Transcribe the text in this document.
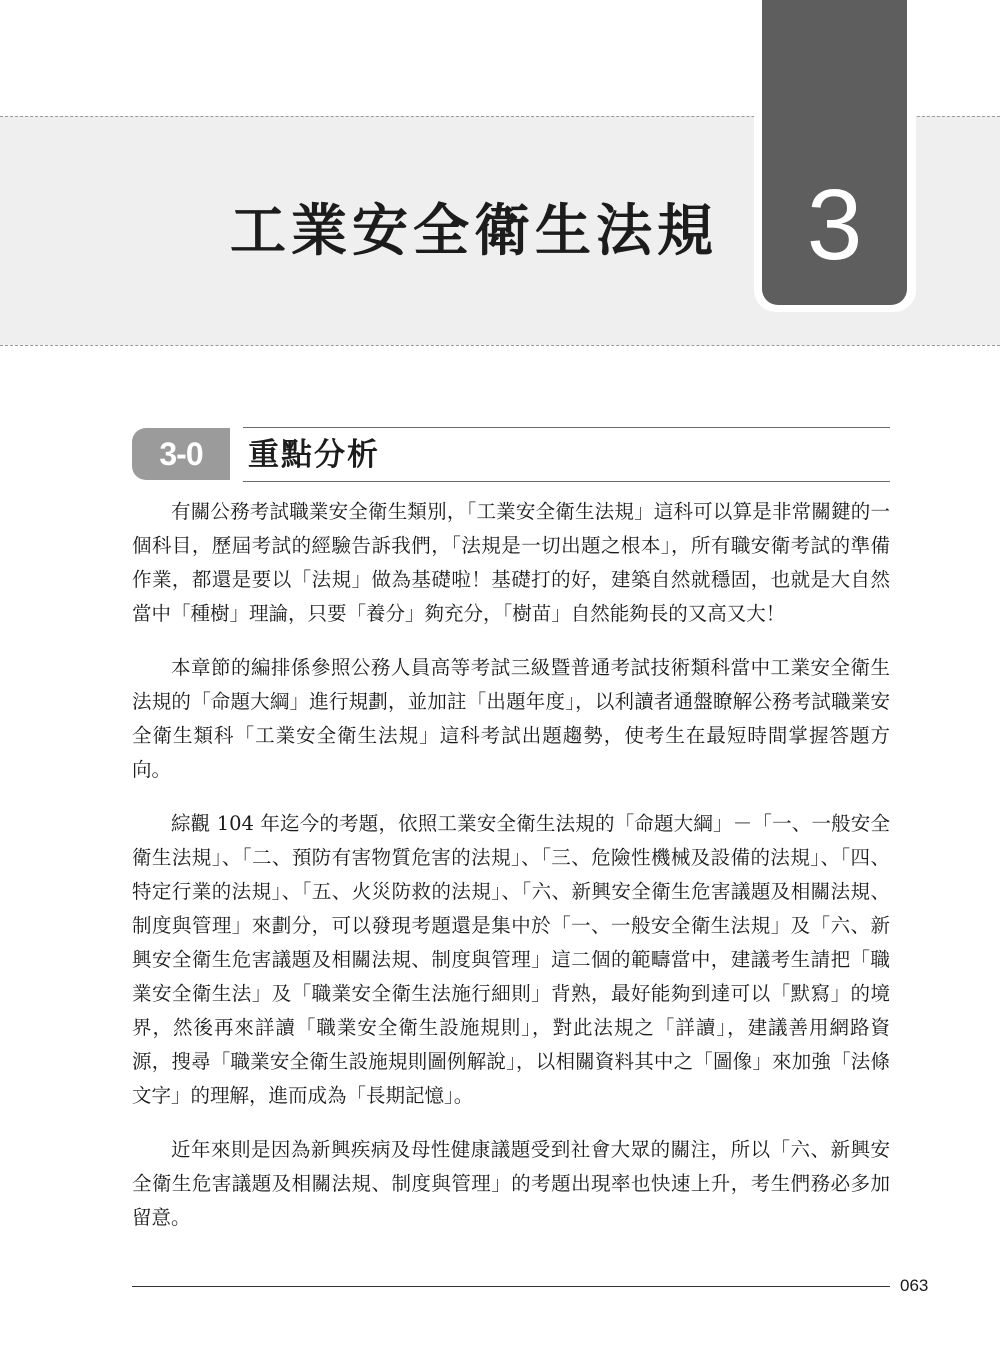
工業安全衛生法規 3
3-0	重點分析

有關公務考試職業安全衛生類別，「工業安全衛生法規」這科可以算是非常關鍵的一個科目，歷屆考試的經驗告訴我們，「法規是一切出題之根本」，所有職安衛考試的準備作業，都還是要以「法規」做為基礎啦！基礎打的好，建築自然就穩固，也就是大自然當中「種樹」理論，只要「養分」夠充分，「樹苗」自然能夠長的又高又大！

本章節的編排係參照公務人員高等考試三級暨普通考試技術類科當中工業安全衛生法規的「命題大綱」進行規劃，並加註「出題年度」，以利讀者通盤瞭解公務考試職業安全衛生類科「工業安全衛生法規」這科考試出題趨勢，使考生在最短時間掌握答題方向。

綜觀 104 年迄今的考題，依照工業安全衛生法規的「命題大綱」－「一、一般安全衛生法規」、「二、預防有害物質危害的法規」、「三、危險性機械及設備的法規」、「四、特定行業的法規」、「五、火災防救的法規」、「六、新興安全衛生危害議題及相關法規、制度與管理」來劃分，可以發現考題還是集中於「一、一般安全衛生法規」及「六、新興安全衛生危害議題及相關法規、制度與管理」這二個的範疇當中，建議考生請把「職業安全衛生法」及「職業安全衛生法施行細則」背熟，最好能夠到達可以「默寫」的境界，然後再來詳讀「職業安全衛生設施規則」，對此法規之「詳讀」，建議善用網路資源，搜尋「職業安全衛生設施規則圖例解說」，以相關資料其中之「圖像」來加強「法條文字」的理解，進而成為「長期記憶」。

近年來則是因為新興疾病及母性健康議題受到社會大眾的關注，所以「六、新興安全衛生危害議題及相關法規、制度與管理」的考題出現率也快速上升，考生們務必多加留意。

063
